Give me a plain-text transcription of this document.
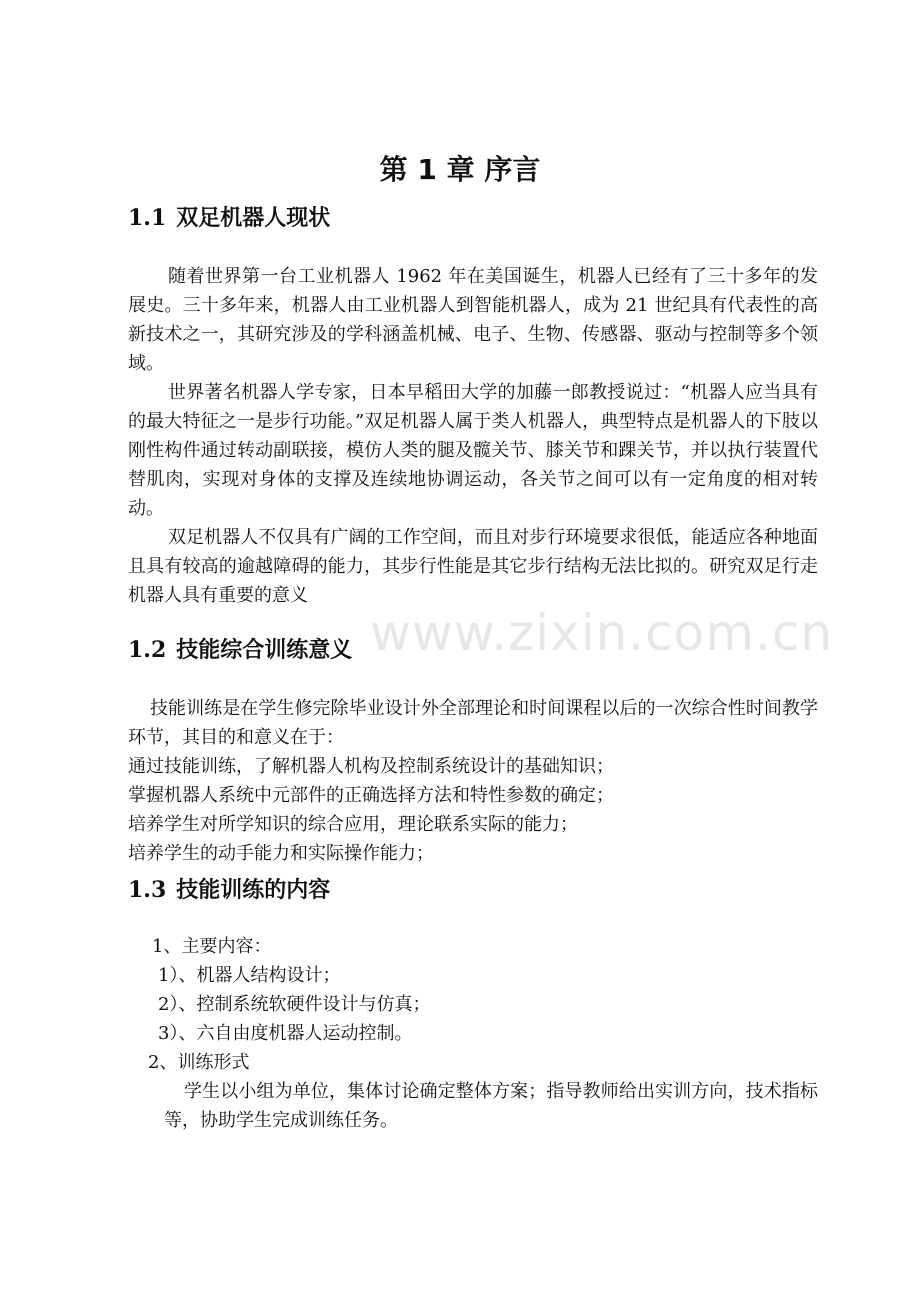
www.zixin.com.cn
第 1 章 序言
1.1 双足机器人现状

随着世界第一台工业机器人 1962 年在美国诞生，机器人已经有了三十多年的发展史。三十多年来，机器人由工业机器人到智能机器人，成为 21 世纪具有代表性的高新技术之一，其研究涉及的学科涵盖机械、电子、生物、传感器、驱动与控制等多个领域。

世界著名机器人学专家，日本早稻田大学的加藤一郎教授说过：“机器人应当具有的最大特征之一是步行功能。”双足机器人属于类人机器人，典型特点是机器人的下肢以刚性构件通过转动副联接，模仿人类的腿及髋关节、膝关节和踝关节，并以执行装置代替肌肉，实现对身体的支撑及连续地协调运动，各关节之间可以有一定角度的相对转动。

双足机器人不仅具有广阔的工作空间，而且对步行环境要求很低，能适应各种地面且具有较高的逾越障碍的能力，其步行性能是其它步行结构无法比拟的。研究双足行走机器人具有重要的意义

1.2 技能综合训练意义

技能训练是在学生修完除毕业设计外全部理论和时间课程以后的一次综合性时间教学环节，其目的和意义在于：

通过技能训练，了解机器人机构及控制系统设计的基础知识；

掌握机器人系统中元部件的正确选择方法和特性参数的确定；

培养学生对所学知识的综合应用，理论联系实际的能力；

培养学生的动手能力和实际操作能力；

1.3 技能训练的内容

1、主要内容：

1）、机器人结构设计；

2）、控制系统软硬件设计与仿真；

3）、六自由度机器人运动控制。

2、训练形式

学生以小组为单位，集体讨论确定整体方案；指导教师给出实训方向，技术指标等，协助学生完成训练任务。
